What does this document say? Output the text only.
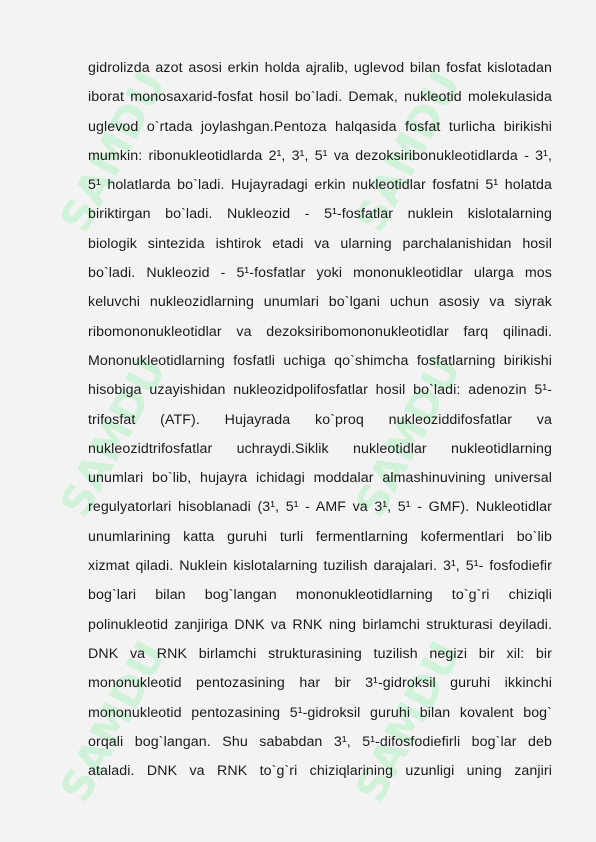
SAMDU	SAMDU
SAMDU	SAMDU
SAMDU	SAMDU
gidrolizda azot asosi erkin holda ajralib, uglevod bilan fosfat kislotadan
iborat monosaxarid-fosfat hosil bo`ladi. Demak, nukleotid molekulasida
uglevod o`rtada joylashgan.Pentoza halqasida fosfat turlicha birikishi
mumkin: ribonukleotidlarda 2¹, 3¹, 5¹ va dezoksiribonukleotidlarda - 3¹,
5¹ holatlarda bo`ladi. Hujayradagi erkin nukleotidlar fosfatni 5¹ holatda
biriktirgan bo`ladi. Nukleozid - 5¹-fosfatlar nuklein kislotalarning
biologik sintezida ishtirok etadi va ularning parchalanishidan hosil
bo`ladi. Nukleozid - 5¹-fosfatlar yoki mononukleotidlar ularga mos
keluvchi nukleozidlarning unumlari bo`lgani uchun asosiy va siyrak
ribomononukleotidlar va dezoksiribomononukleotidlar farq qilinadi.
Mononukleotidlarning fosfatli uchiga qo`shimcha fosfatlarning birikishi
hisobiga uzayishidan nukleozidpolifosfatlar hosil bo`ladi: adenozin 5¹-
trifosfat (ATF). Hujayrada ko`proq nukleoziddifosfatlar va
nukleozidtrifosfatlar uchraydi.Siklik nukleotidlar nukleotidlarning
unumlari bo`lib, hujayra ichidagi moddalar almashinuvining universal
regulyatorlari hisoblanadi (3¹, 5¹ - AMF va 3¹, 5¹ - GMF). Nukleotidlar
unumlarining katta guruhi turli fermentlarning kofermentlari bo`lib
xizmat qiladi. Nuklein kislotalarning tuzilish darajalari. 3¹, 5¹- fosfodiefir
bog`lari bilan bog`langan mononukleotidlarning to`g`ri chiziqli
polinukleotid zanjiriga DNK va RNK ning birlamchi strukturasi deyiladi.
DNK va RNK birlamchi strukturasining tuzilish negizi bir xil: bir
mononukleotid pentozasining har bir 3¹-gidroksil guruhi ikkinchi
mononukleotid pentozasining 5¹-gidroksil guruhi bilan kovalent bog`
orqali bog`langan. Shu sababdan 3¹, 5¹-difosfodiefirli bog`lar deb
ataladi. DNK va RNK to`g`ri chiziqlarining uzunligi uning zanjiri
